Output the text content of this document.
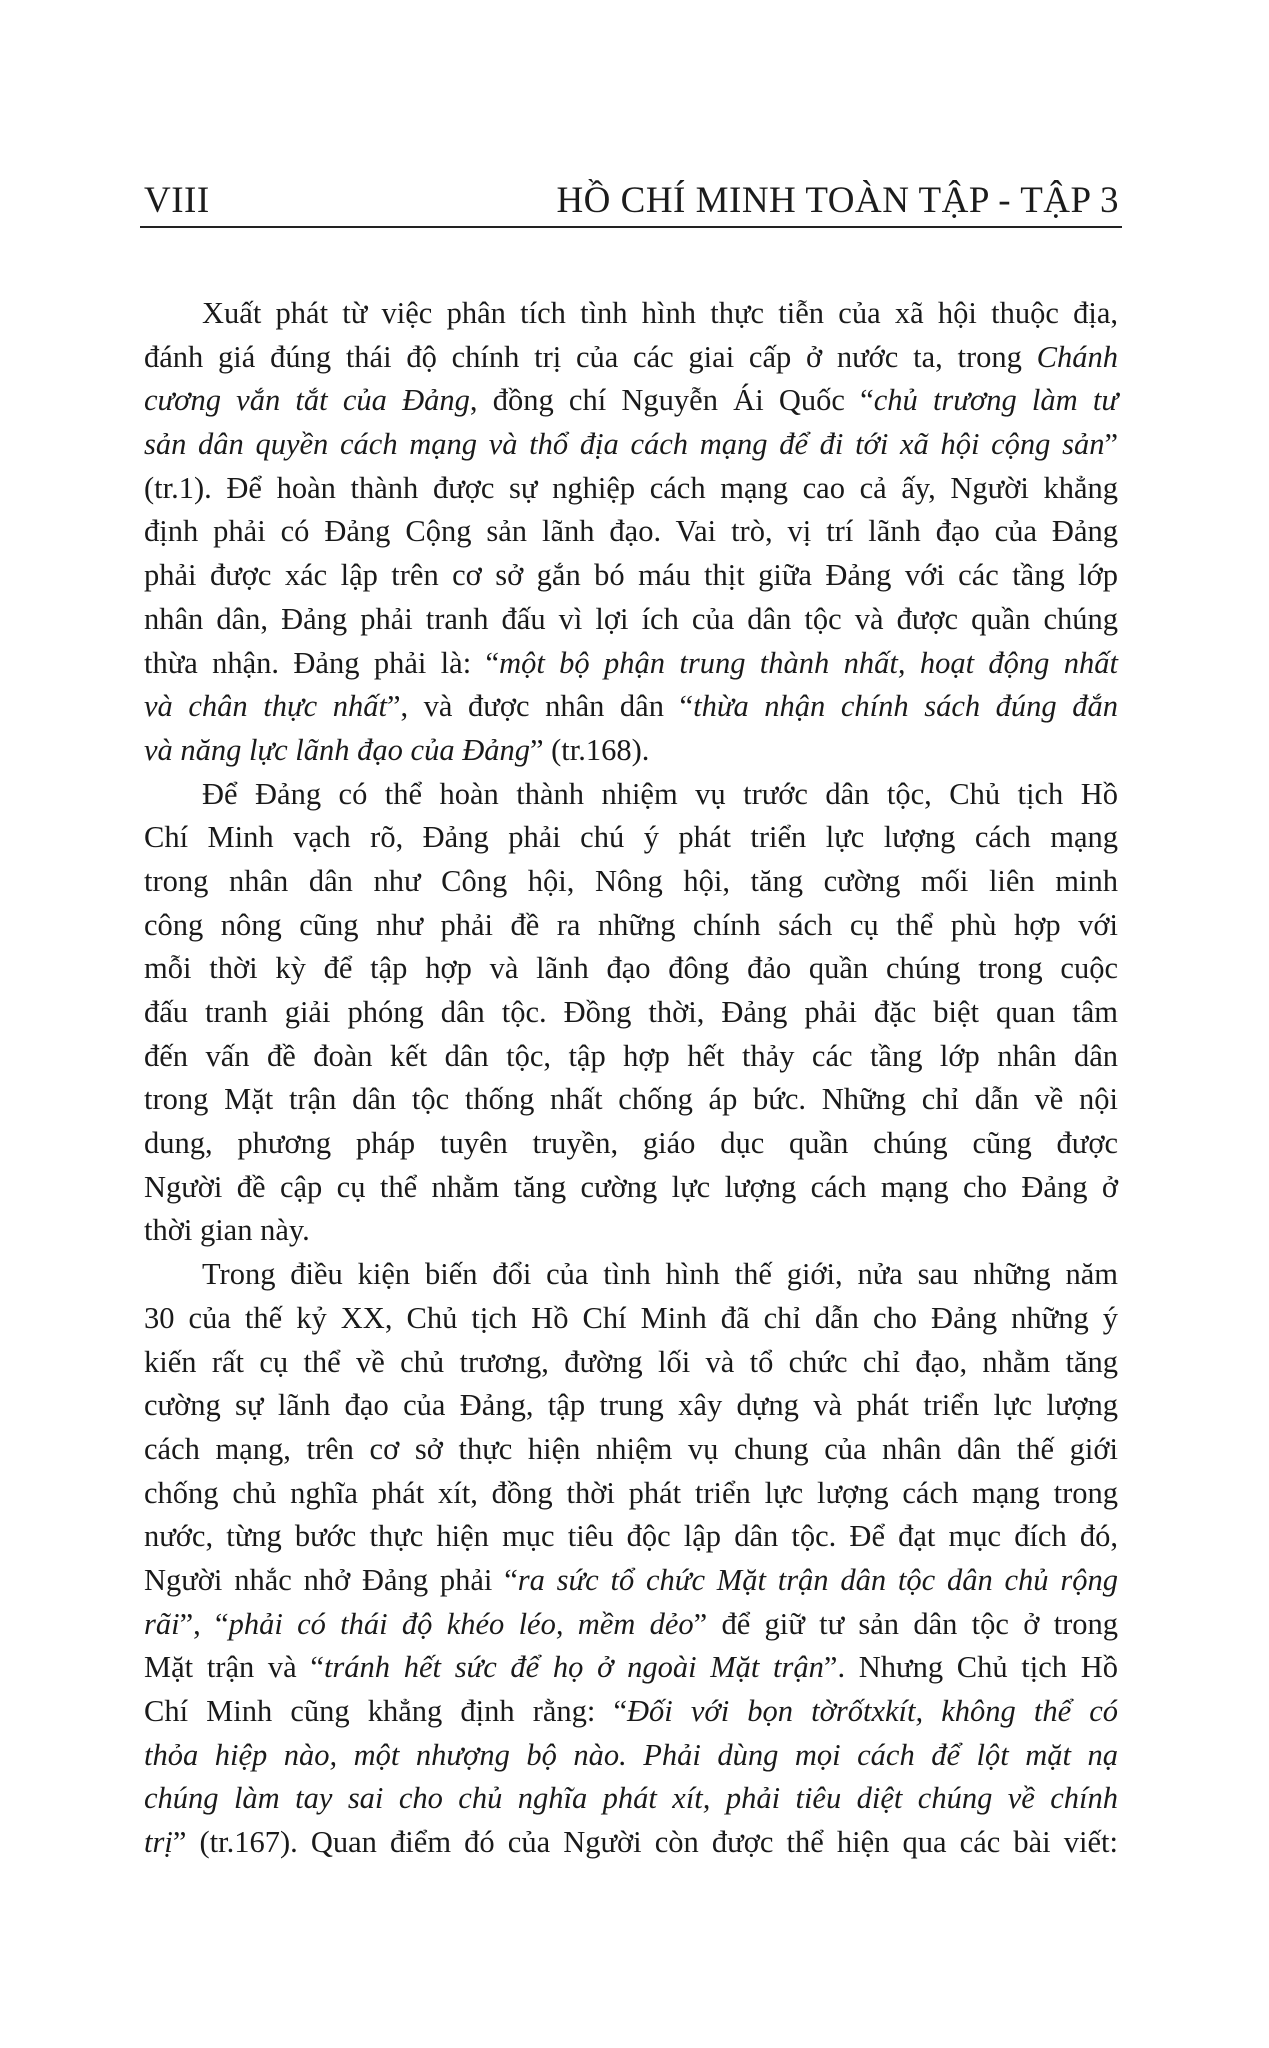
VIII	HỒ CHÍ MINH TOÀN TẬP - TẬP 3
Xuất phát từ việc phân tích tình hình thực tiễn của xã hội thuộc địa,
đánh giá đúng thái độ chính trị của các giai cấp ở nước ta, trong Chánh
cương vắn tắt của Đảng, đồng chí Nguyễn Ái Quốc “chủ trương làm tư
sản dân quyền cách mạng và thổ địa cách mạng để đi tới xã hội cộng sản”
(tr.1). Để hoàn thành được sự nghiệp cách mạng cao cả ấy, Người khẳng
định phải có Đảng Cộng sản lãnh đạo. Vai trò, vị trí lãnh đạo của Đảng
phải được xác lập trên cơ sở gắn bó máu thịt giữa Đảng với các tầng lớp
nhân dân, Đảng phải tranh đấu vì lợi ích của dân tộc và được quần chúng
thừa nhận. Đảng phải là: “một bộ phận trung thành nhất, hoạt động nhất
và chân thực nhất”, và được nhân dân “thừa nhận chính sách đúng đắn
và năng lực lãnh đạo của Đảng” (tr.168).
Để Đảng có thể hoàn thành nhiệm vụ trước dân tộc, Chủ tịch Hồ
Chí Minh vạch rõ, Đảng phải chú ý phát triển lực lượng cách mạng
trong nhân dân như Công hội, Nông hội, tăng cường mối liên minh
công nông cũng như phải đề ra những chính sách cụ thể phù hợp với
mỗi thời kỳ để tập hợp và lãnh đạo đông đảo quần chúng trong cuộc
đấu tranh giải phóng dân tộc. Đồng thời, Đảng phải đặc biệt quan tâm
đến vấn đề đoàn kết dân tộc, tập hợp hết thảy các tầng lớp nhân dân
trong Mặt trận dân tộc thống nhất chống áp bức. Những chỉ dẫn về nội
dung, phương pháp tuyên truyền, giáo dục quần chúng cũng được
Người đề cập cụ thể nhằm tăng cường lực lượng cách mạng cho Đảng ở
thời gian này.
Trong điều kiện biến đổi của tình hình thế giới, nửa sau những năm
30 của thế kỷ XX, Chủ tịch Hồ Chí Minh đã chỉ dẫn cho Đảng những ý
kiến rất cụ thể về chủ trương, đường lối và tổ chức chỉ đạo, nhằm tăng
cường sự lãnh đạo của Đảng, tập trung xây dựng và phát triển lực lượng
cách mạng, trên cơ sở thực hiện nhiệm vụ chung của nhân dân thế giới
chống chủ nghĩa phát xít, đồng thời phát triển lực lượng cách mạng trong
nước, từng bước thực hiện mục tiêu độc lập dân tộc. Để đạt mục đích đó,
Người nhắc nhở Đảng phải “ra sức tổ chức Mặt trận dân tộc dân chủ rộng
rãi”, “phải có thái độ khéo léo, mềm dẻo” để giữ tư sản dân tộc ở trong
Mặt trận và “tránh hết sức để họ ở ngoài Mặt trận”. Nhưng Chủ tịch Hồ
Chí Minh cũng khẳng định rằng: “Đối với bọn tờrốtxkít, không thể có
thỏa hiệp nào, một nhượng bộ nào. Phải dùng mọi cách để lột mặt nạ
chúng làm tay sai cho chủ nghĩa phát xít, phải tiêu diệt chúng về chính
trị” (tr.167). Quan điểm đó của Người còn được thể hiện qua các bài viết:
